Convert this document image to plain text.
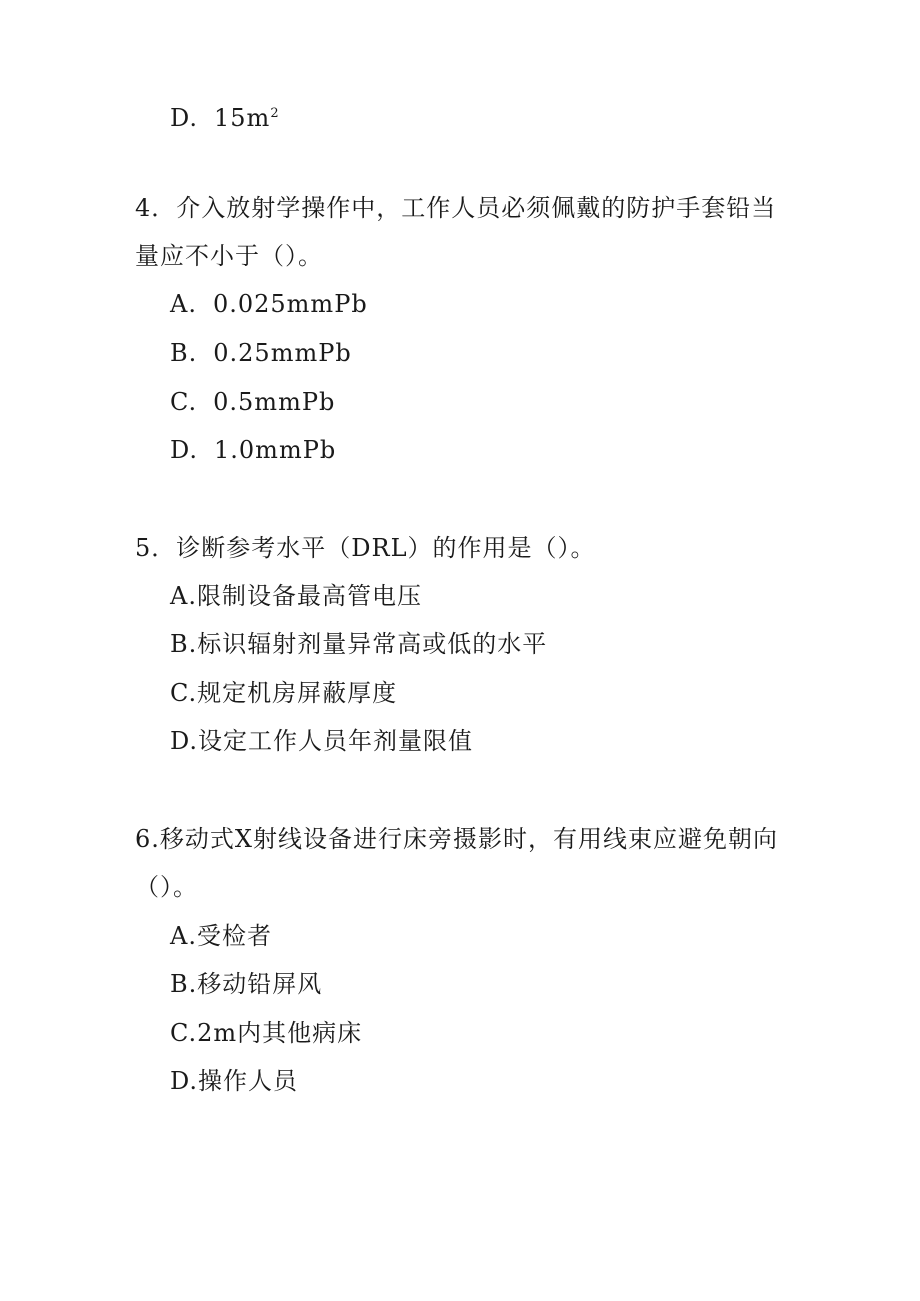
D. $15m^2$
4．介入放射学操作中，工作人员必须佩戴的防护手套铅当
量应不小于（）。
A. 0.025mmPb
B. 0.25mmPb
C. 0.5mmPb
D. 1.0mmPb
5．诊断参考水平（DRL）的作用是（）。
A.限制设备最高管电压
B.标识辐射剂量异常高或低的水平
C.规定机房屏蔽厚度
D.设定工作人员年剂量限值
6.移动式X射线设备进行床旁摄影时，有用线束应避免朝向
（）。
A.受检者
B.移动铅屏风
C.2m内其他病床
D.操作人员
